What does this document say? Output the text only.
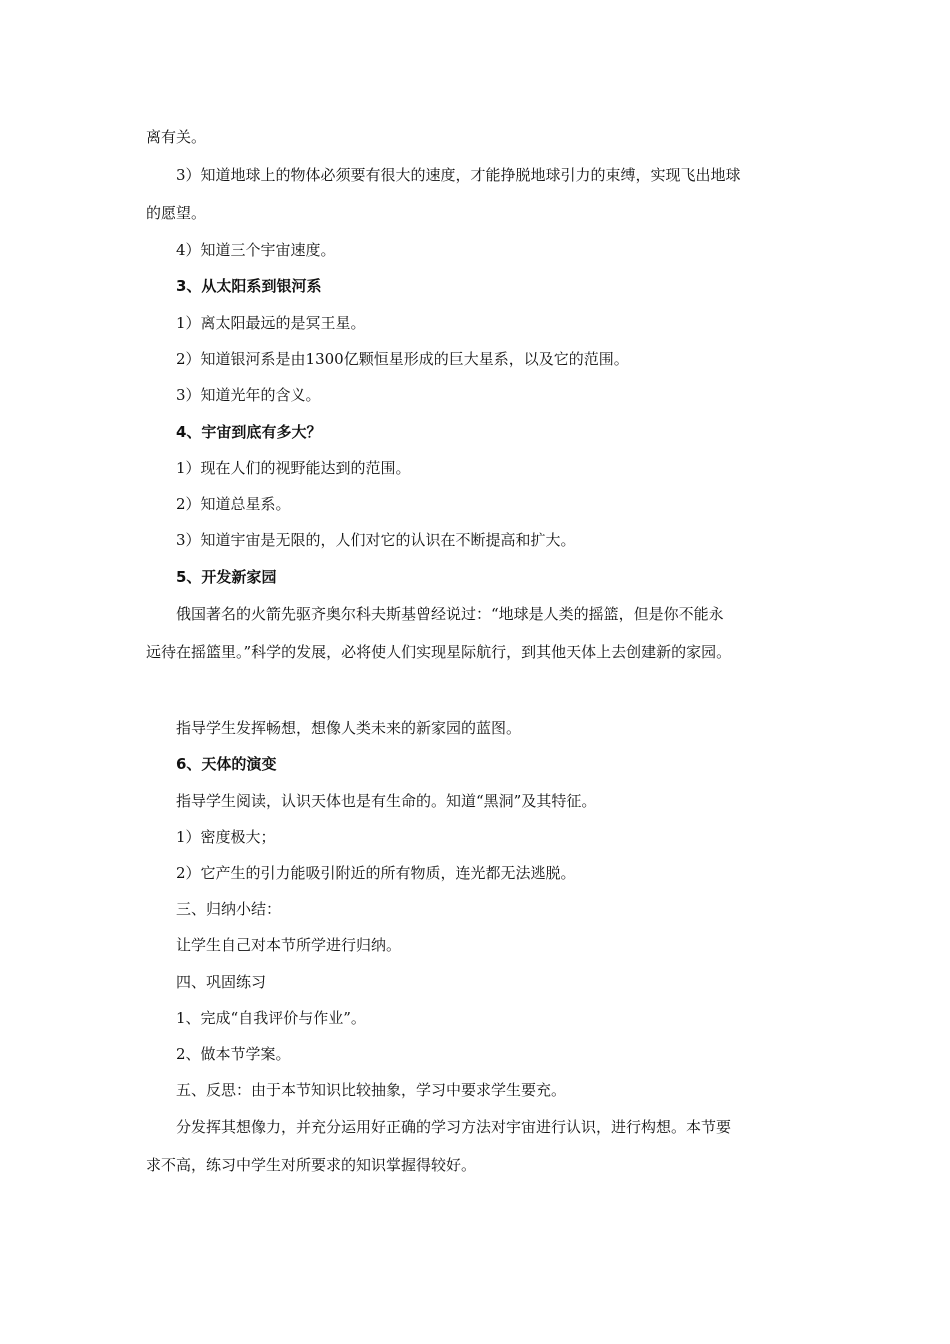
离有关。
3）知道地球上的物体必须要有很大的速度，才能挣脱地球引力的束缚，实现飞出地球
的愿望。
4）知道三个宇宙速度。
3、从太阳系到银河系
1）离太阳最远的是冥王星。
2）知道银河系是由1300亿颗恒星形成的巨大星系，以及它的范围。
3）知道光年的含义。
4、宇宙到底有多大？
1）现在人们的视野能达到的范围。
2）知道总星系。
3）知道宇宙是无限的，人们对它的认识在不断提高和扩大。
5、开发新家园
俄国著名的火箭先驱齐奥尔科夫斯基曾经说过：“地球是人类的摇篮，但是你不能永
远待在摇篮里。”科学的发展，必将使人们实现星际航行，到其他天体上去创建新的家园。
指导学生发挥畅想，想像人类未来的新家园的蓝图。
6、天体的演变
指导学生阅读，认识天体也是有生命的。知道“黑洞”及其特征。
1）密度极大；
2）它产生的引力能吸引附近的所有物质，连光都无法逃脱。
三、归纳小结：
让学生自己对本节所学进行归纳。
四、巩固练习
1、完成“自我评价与作业”。
2、做本节学案。
五、反思：由于本节知识比较抽象，学习中要求学生要充。
分发挥其想像力，并充分运用好正确的学习方法对宇宙进行认识，进行构想。本节要
求不高，练习中学生对所要求的知识掌握得较好。
